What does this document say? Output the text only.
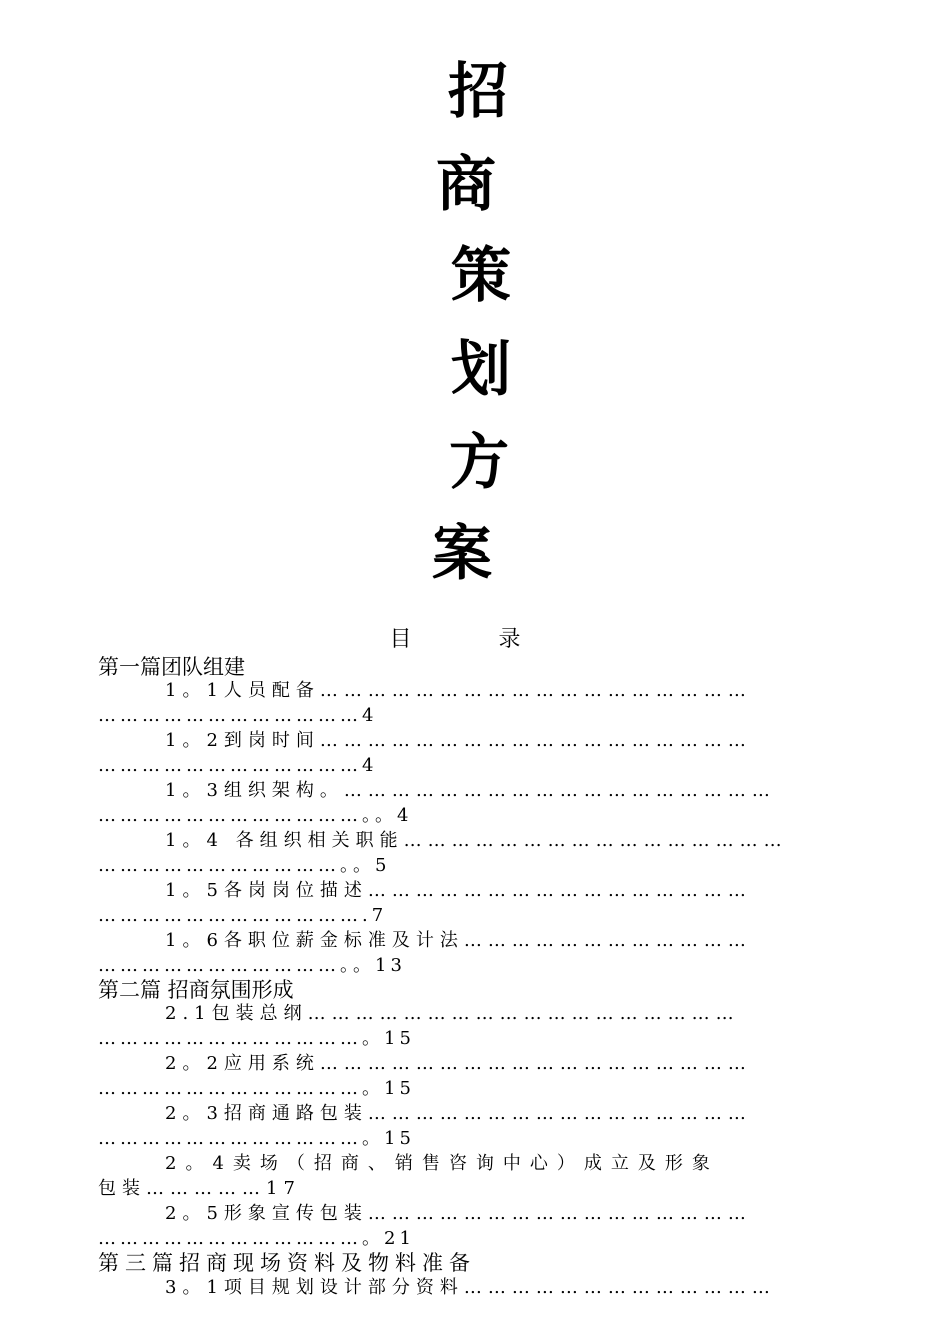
招
商
策
划
方
案
目 录
第一篇团队组建
1。1人员配备………………………………………………
………………………………4
1。2到岗时间………………………………………………
………………………………4
1。3组织架构。………………………………………………
………………………………。。4
1。4 各组织相关职能…………………………………………
……………………………。。5
1。5各岗岗位描述…………………………………………
……………………………….7
1。6各职位薪金标准及计法………………………………
……………………………。。13
第二篇 招商氛围形成
2.1包装总纲………………………………………………
………………………………。15
2。2应用系统………………………………………………
………………………………。15
2。3招商通路包装…………………………………………
………………………………。15
2。4卖场（招商、销售咨询中心）成立及形象
包装……………17
2。5形象宣传包装…………………………………………
………………………………。21
第三篇招商现场资料及物料准备
3。1项目规划设计部分资料…………………………………
